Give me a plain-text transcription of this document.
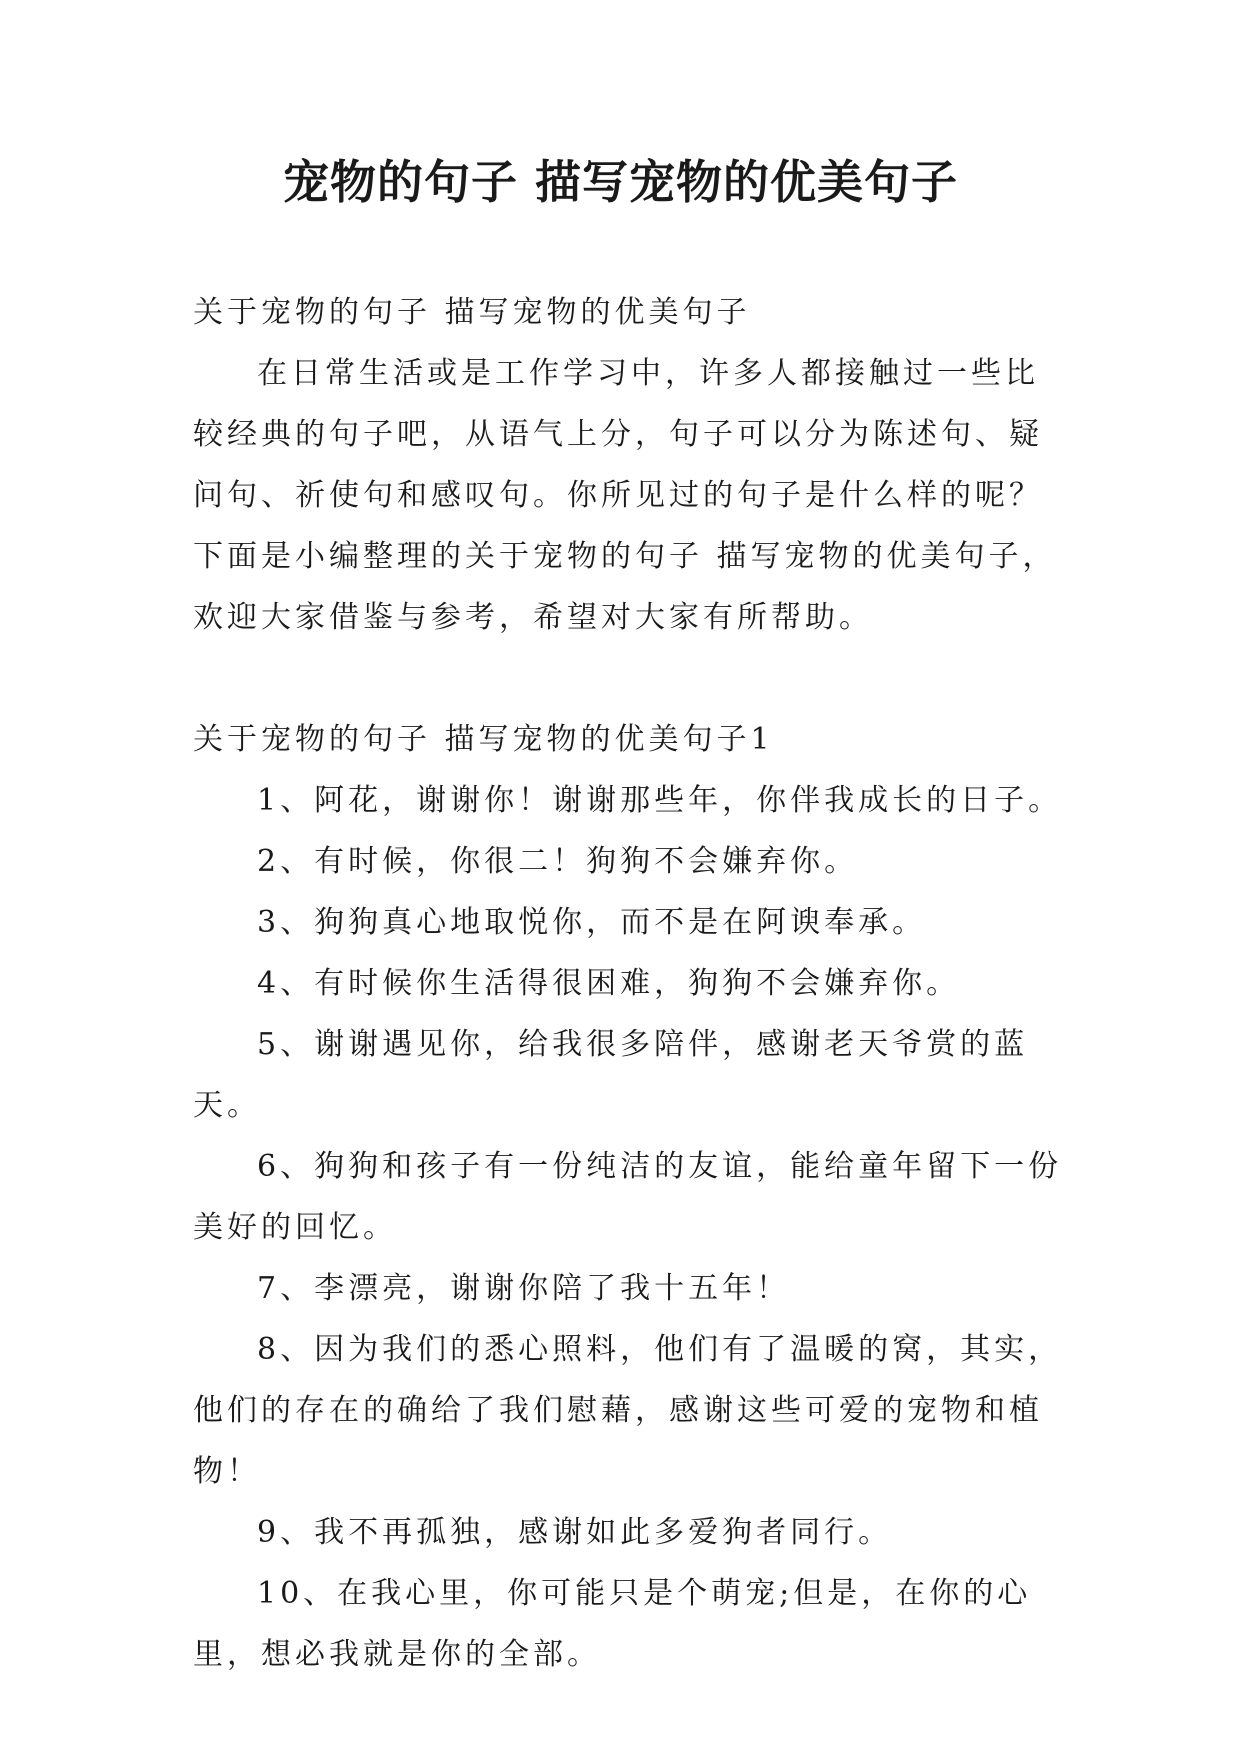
宠物的句子 描写宠物的优美句子

关于宠物的句子 描写宠物的优美句子

在日常生活或是工作学习中，许多人都接触过一些比较经典的句子吧，从语气上分，句子可以分为陈述句、疑问句、祈使句和感叹句。你所见过的句子是什么样的呢？下面是小编整理的关于宠物的句子 描写宠物的优美句子，欢迎大家借鉴与参考，希望对大家有所帮助。

关于宠物的句子 描写宠物的优美句子1

1、阿花，谢谢你！谢谢那些年，你伴我成长的日子。

2、有时候，你很二！狗狗不会嫌弃你。

3、狗狗真心地取悦你，而不是在阿谀奉承。

4、有时候你生活得很困难，狗狗不会嫌弃你。

5、谢谢遇见你，给我很多陪伴，感谢老天爷赏的蓝天。

6、狗狗和孩子有一份纯洁的友谊，能给童年留下一份美好的回忆。

7、李漂亮，谢谢你陪了我十五年！

8、因为我们的悉心照料，他们有了温暖的窝，其实，他们的存在的确给了我们慰藉，感谢这些可爱的宠物和植物！

9、我不再孤独，感谢如此多爱狗者同行。

10、在我心里，你可能只是个萌宠;但是，在你的心里，想必我就是你的全部。
